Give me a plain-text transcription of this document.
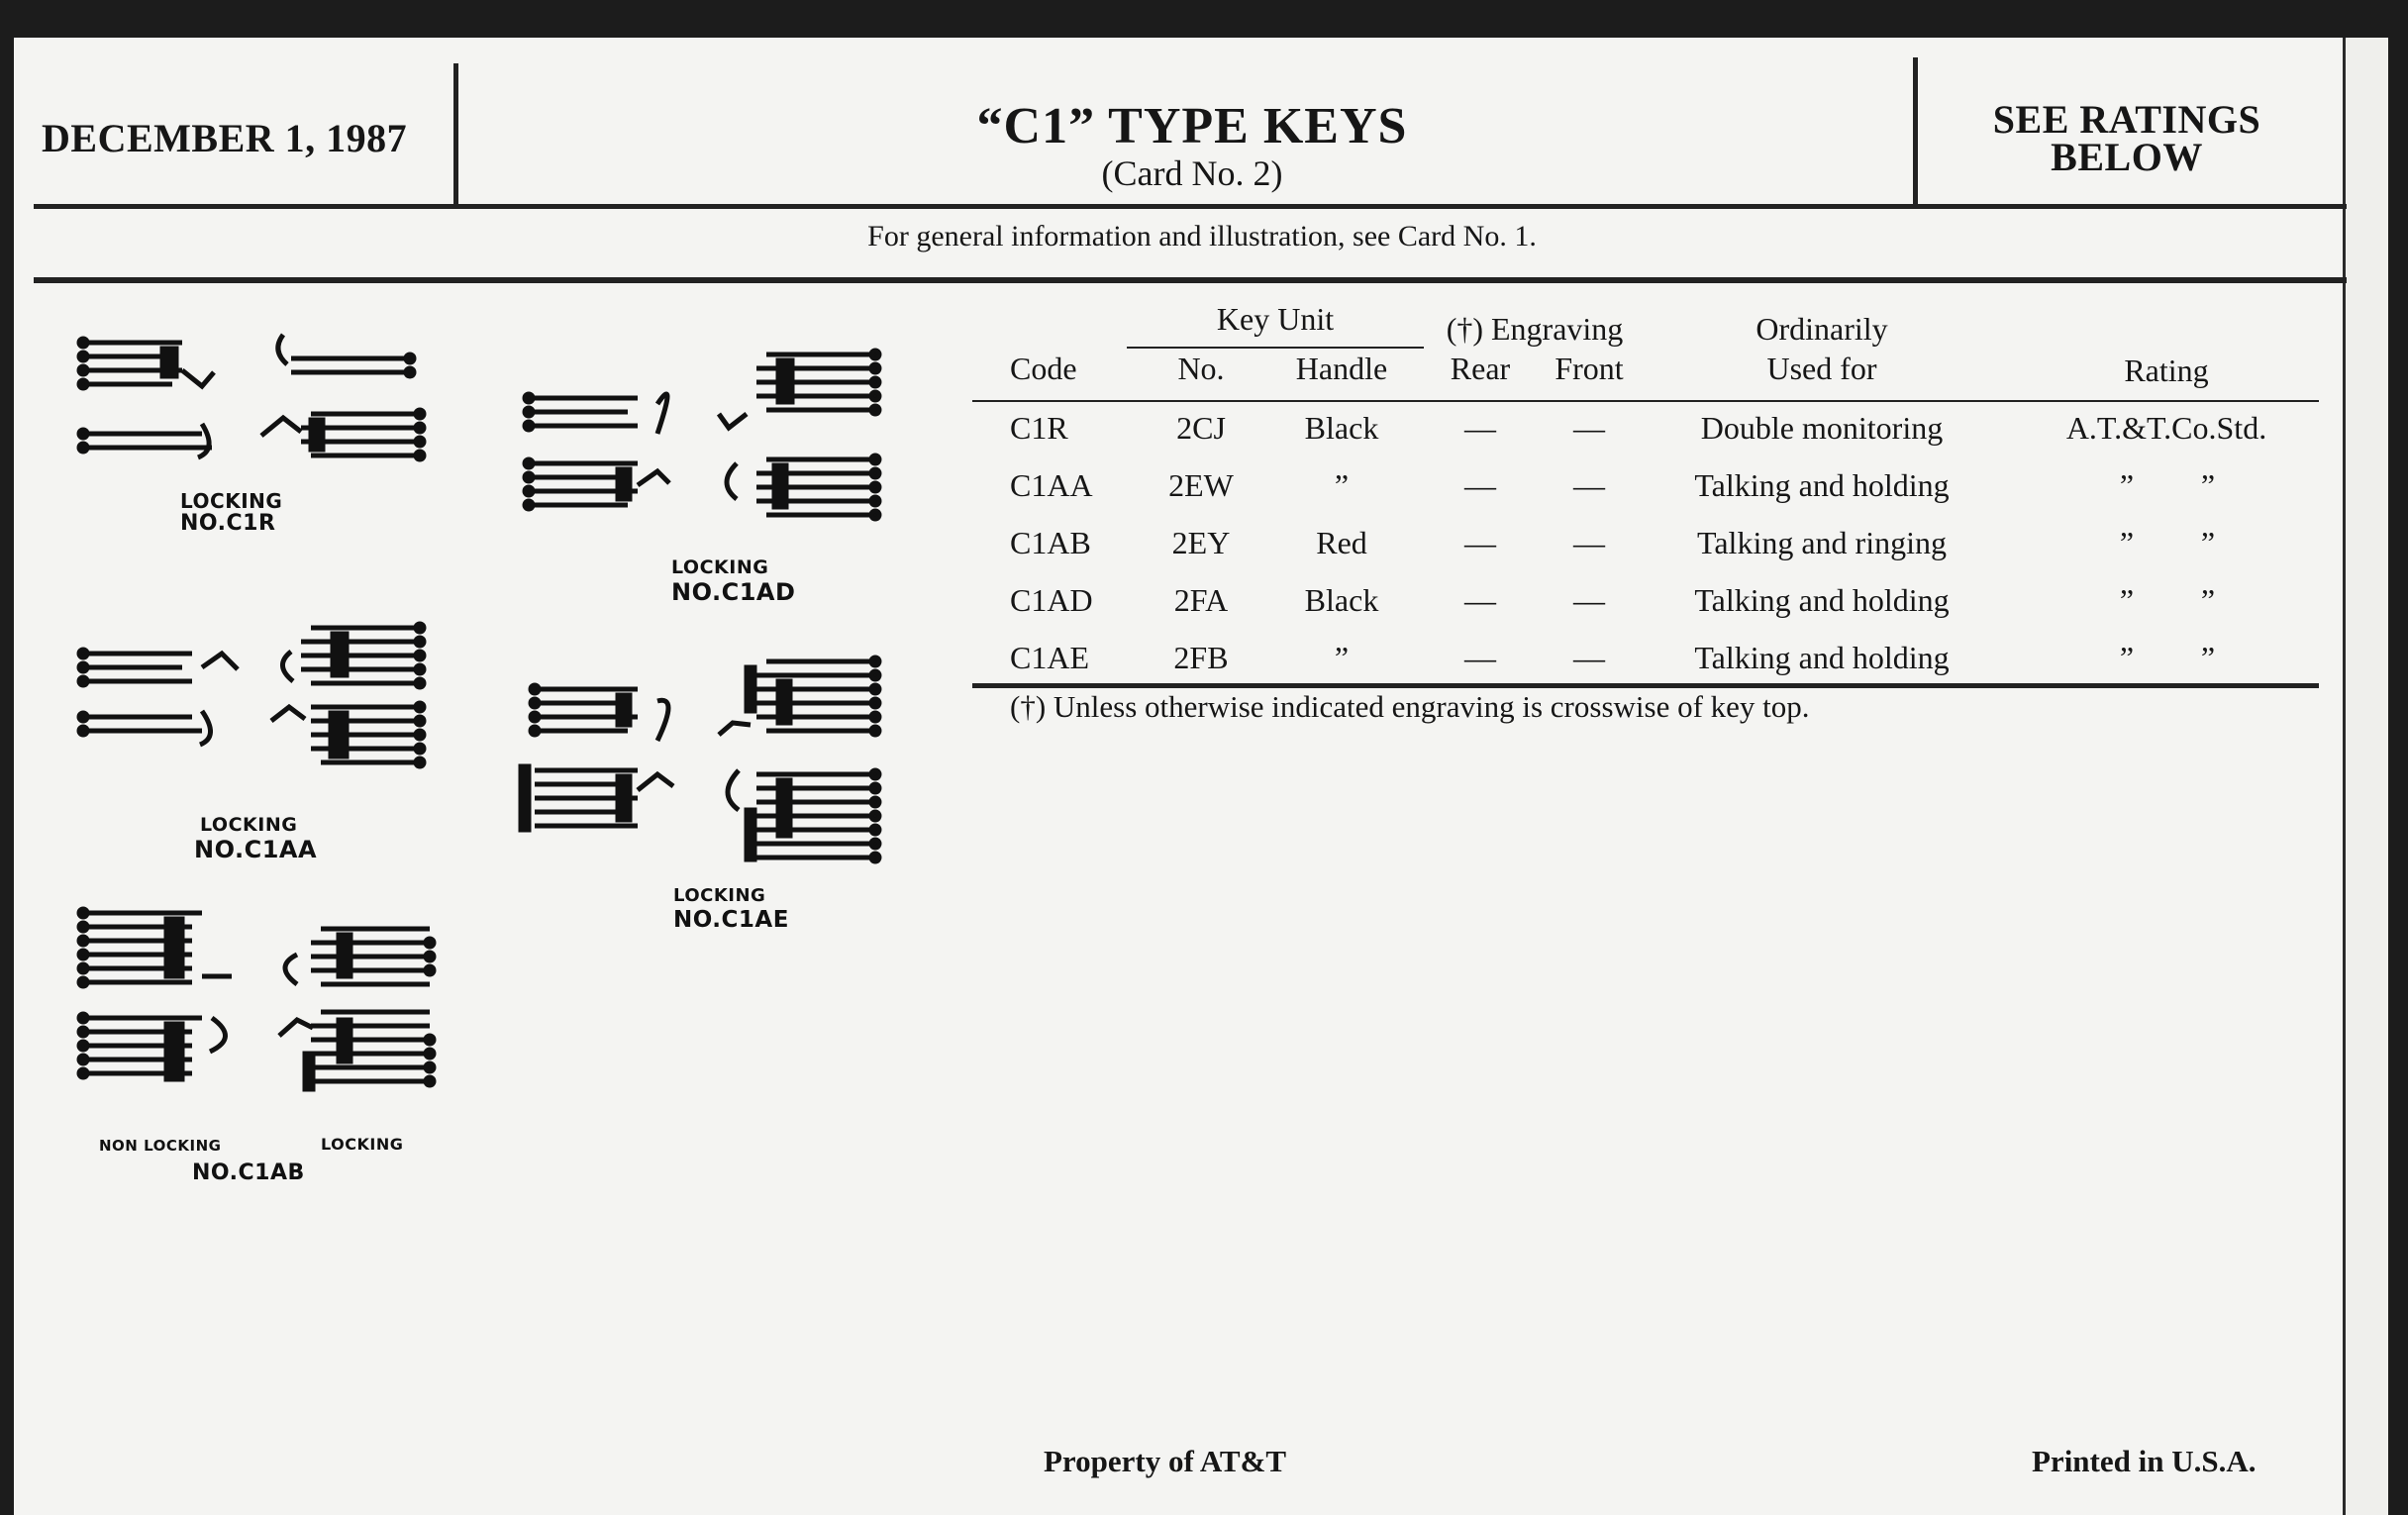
DECEMBER 1, 1987	“C1” TYPE KEYS
(Card No. 2)
SEE RATINGS
BELOW
For general information and illustration, see Card No. 1.
Key Unit	(†) Engraving	Ordinarily
Code	No.	Handle	Rear	Front	Used for	Rating
C1R	2CJ	Black	—	—	Double monitoring	A.T.&T.Co.Std.
C1AA	2EW	”	—	—	Talking and holding	”	”
C1AB	2EY	Red	—	—	Talking and ringing	”	”
C1AD	2FA	Black	—	—	Talking and holding	”	”
C1AE	2FB	”	—	—	Talking and holding	”	”
(†) Unless otherwise indicated engraving is crosswise of key top.
LOCKING
NO.C1R
LOCKING
NO.C1AD
LOCKING
NO.C1AA
LOCKING
NO.C1AE
NON LOCKING	LOCKING
NO.C1AB
Property of AT&T	Printed in U.S.A.
